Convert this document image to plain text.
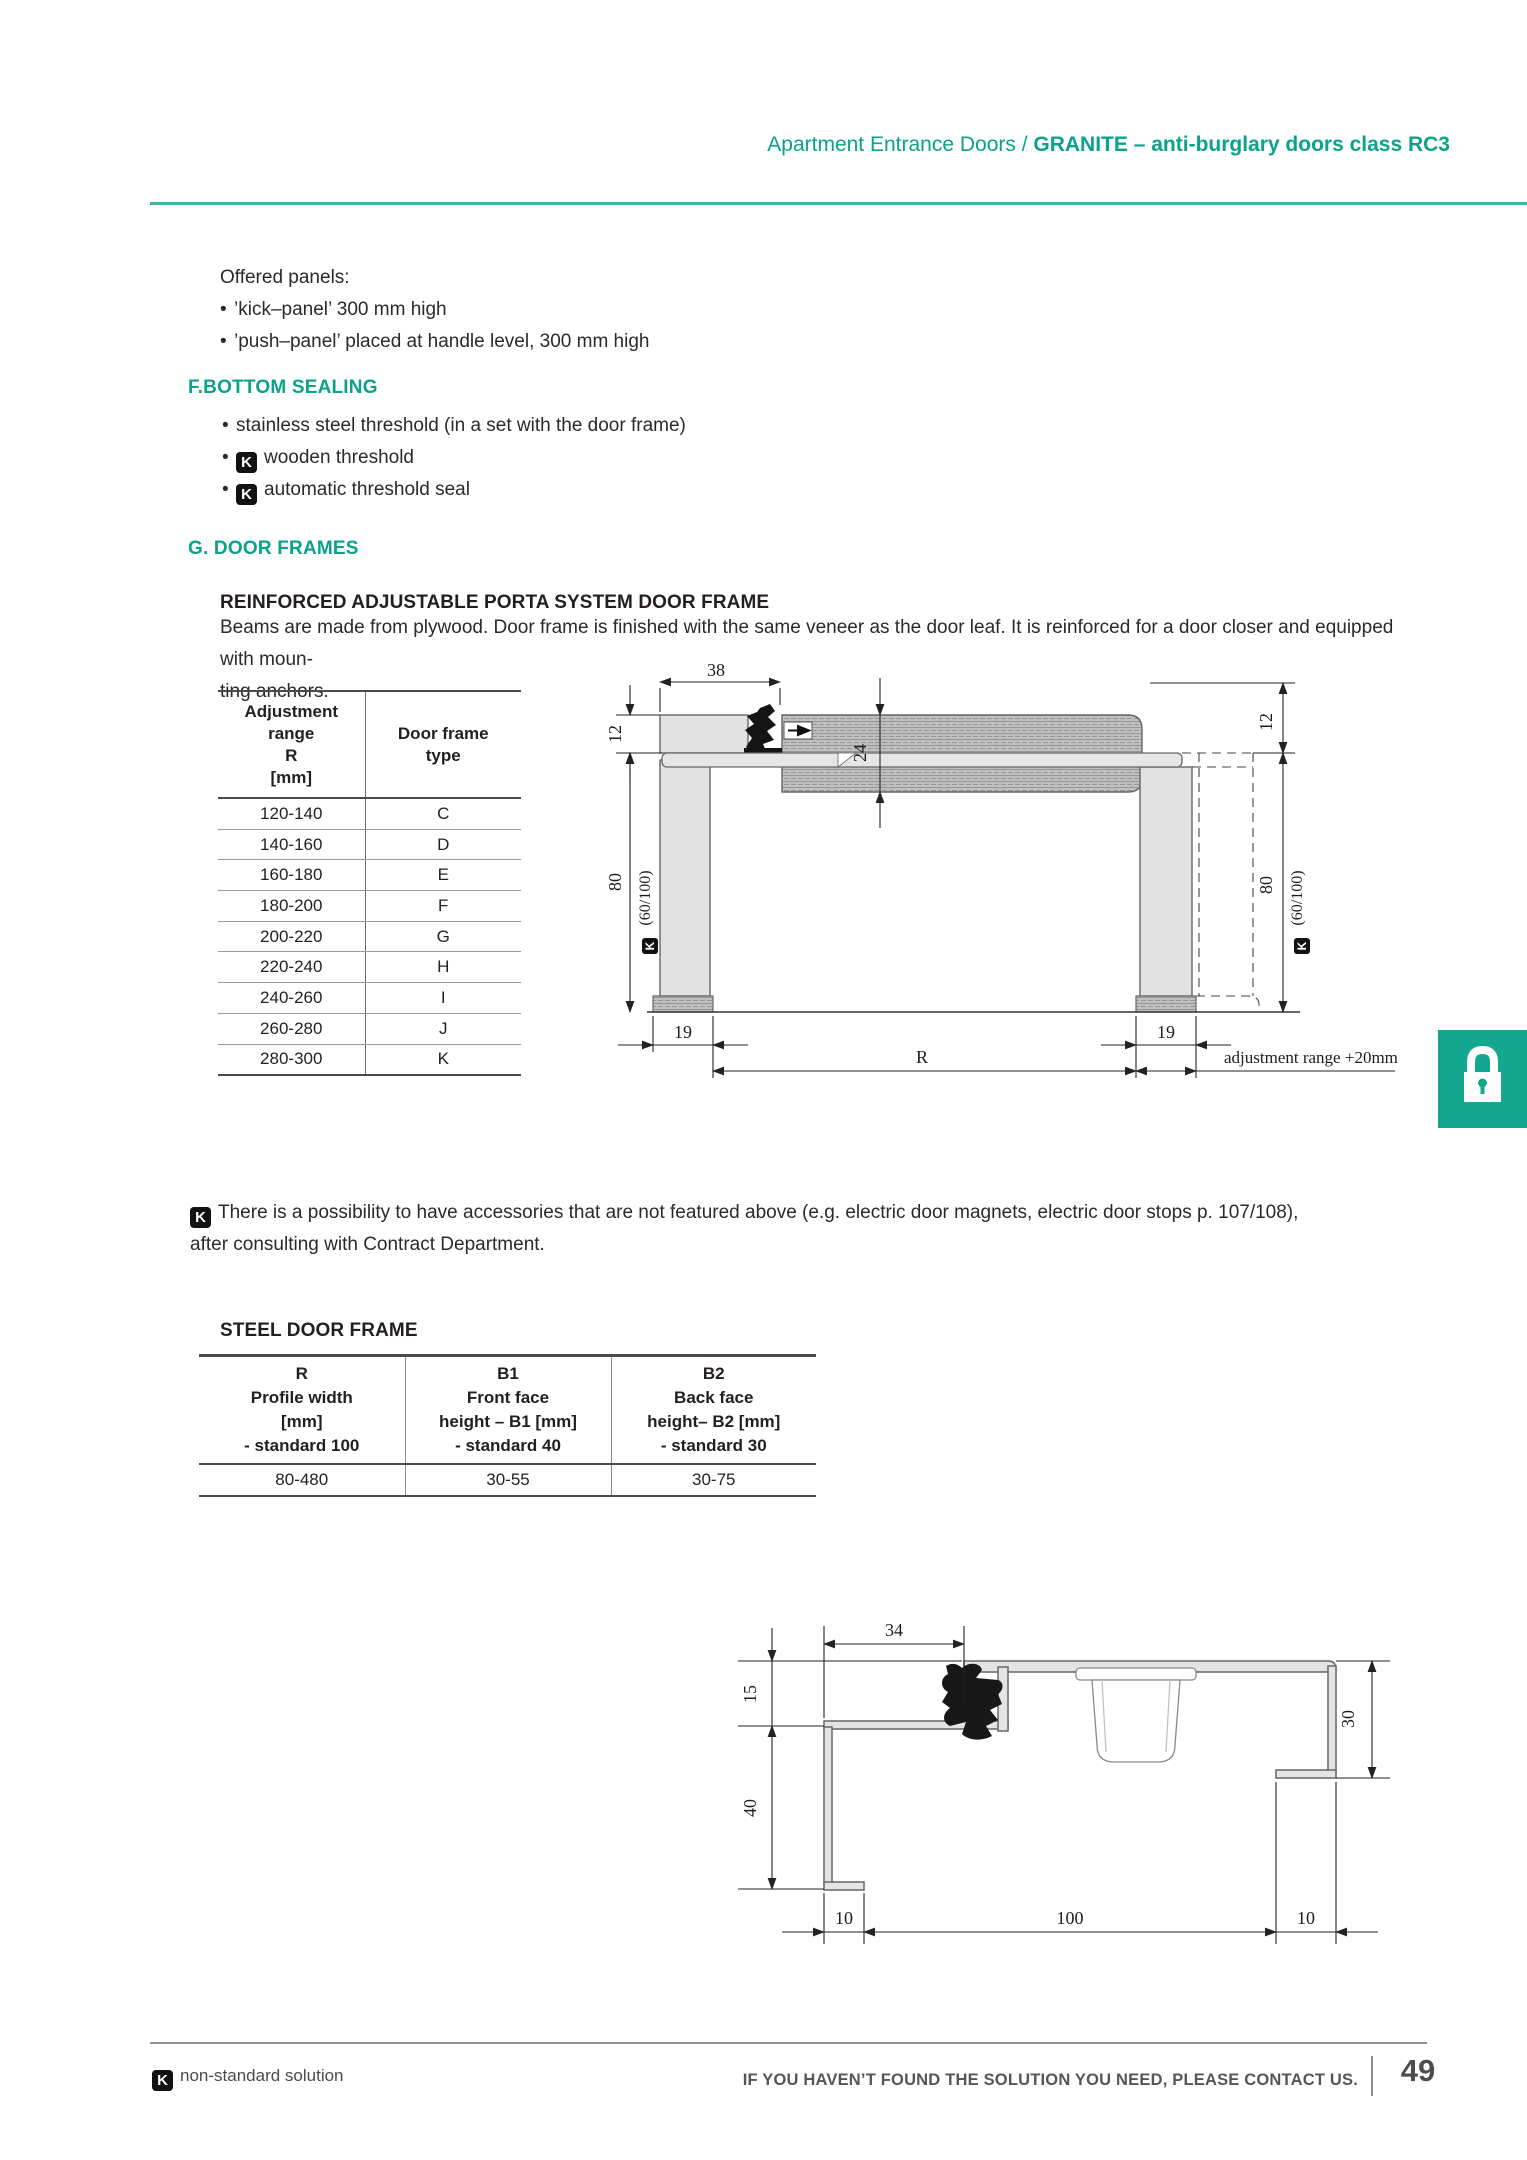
Apartment Entrance Doors / GRANITE – anti-burglary doors class RC3
Offered panels:
• ’kick–panel’ 300 mm high
• ’push–panel’ placed at handle level, 300 mm high
F.BOTTOM SEALING
• stainless steel threshold (in a set with the door frame)
• K wooden threshold
• K automatic threshold seal
G. DOOR FRAMES
REINFORCED ADJUSTABLE PORTA SYSTEM DOOR FRAME
Beams are made from plywood. Door frame is finished with the same veneer as the door leaf. It is reinforced for a door closer and equipped with moun-
ting anchors.
Adjustment
range
R
[mm]	Door frame
type
120-140	C
140-160	D
160-180	E
180-200	F
200-220	G
220-240	H
240-260	I
260-280	J
280-300	K
38
12
80
24
12
80
(60/100)
K
(60/100)
K
19	19
R	adjustment range +20mm
K There is a possibility to have accessories that are not featured above (e.g. electric door magnets, electric door stops p. 107/108),
after consulting with Contract Department.
STEEL DOOR FRAME
R
Profile width
[mm]
- standard 100	B1
Front face
height – B1 [mm]
- standard 40	B2
Back face
height– B2 [mm]
- standard 30
80-480	30-55	30-75
34
15
40
30
10	100	10
K non-standard solution	IF YOU HAVEN’T FOUND THE SOLUTION YOU NEED, PLEASE CONTACT US. 49
